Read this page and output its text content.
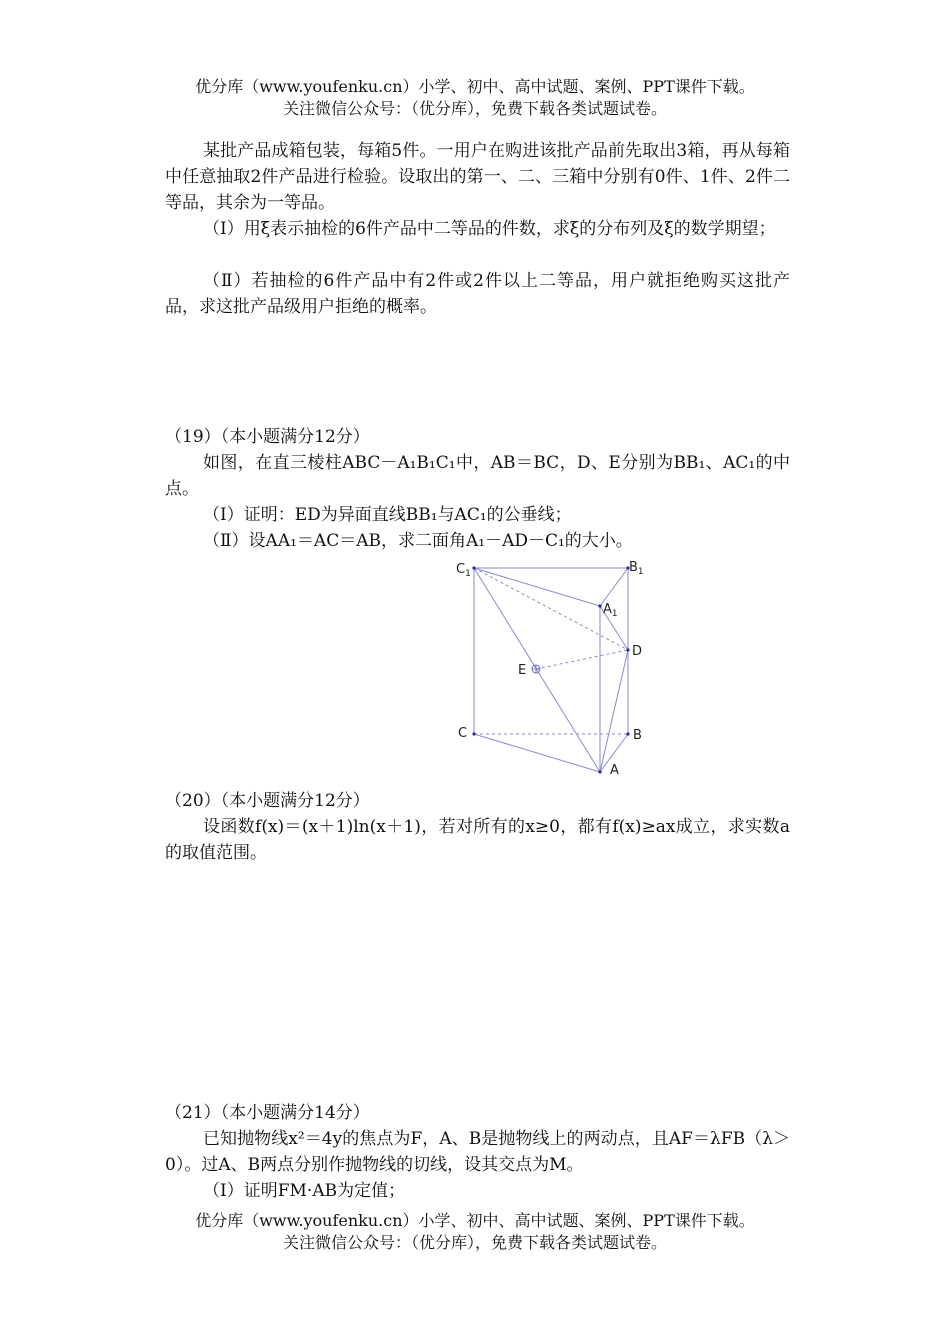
优分库（www.youfenku.cn）小学、初中、高中试题、案例、PPT课件下载。
关注微信公众号：（优分库），免费下载各类试题试卷。
某批产品成箱包装，每箱5件。一用户在购进该批产品前先取出3箱，再从每箱中任意抽取2件产品进行检验。设取出的第一、二、三箱中分别有0件、1件、2件二等品，其余为一等品。
（Ⅰ）用ξ表示抽检的6件产品中二等品的件数，求ξ的分布列及ξ的数学期望；
（Ⅱ）若抽检的6件产品中有2件或2件以上二等品，用户就拒绝购买这批产品，求这批产品级用户拒绝的概率。
（19）（本小题满分12分）
如图，在直三棱柱ABC－A₁B₁C₁中，AB＝BC，D、E分别为BB₁、AC₁的中点。
（Ⅰ）证明：ED为异面直线BB₁与AC₁的公垂线；
（Ⅱ）设AA₁＝AC＝AB，求二面角A₁－AD－C₁的大小。
$C_1$	$B_1$
$A_1$
D
E
C	B
A
（20）（本小题满分12分）
设函数f(x)＝(x＋1)ln(x＋1)，若对所有的x≥0，都有f(x)≥ax成立，求实数a的取值范围。
（21）（本小题满分14分）
已知抛物线x²＝4y的焦点为F，A、B是抛物线上的两动点，且AF＝λFB（λ＞0）。过A、B两点分别作抛物线的切线，设其交点为M。
（Ⅰ）证明FM·AB为定值；
优分库（www.youfenku.cn）小学、初中、高中试题、案例、PPT课件下载。
关注微信公众号：（优分库），免费下载各类试题试卷。
